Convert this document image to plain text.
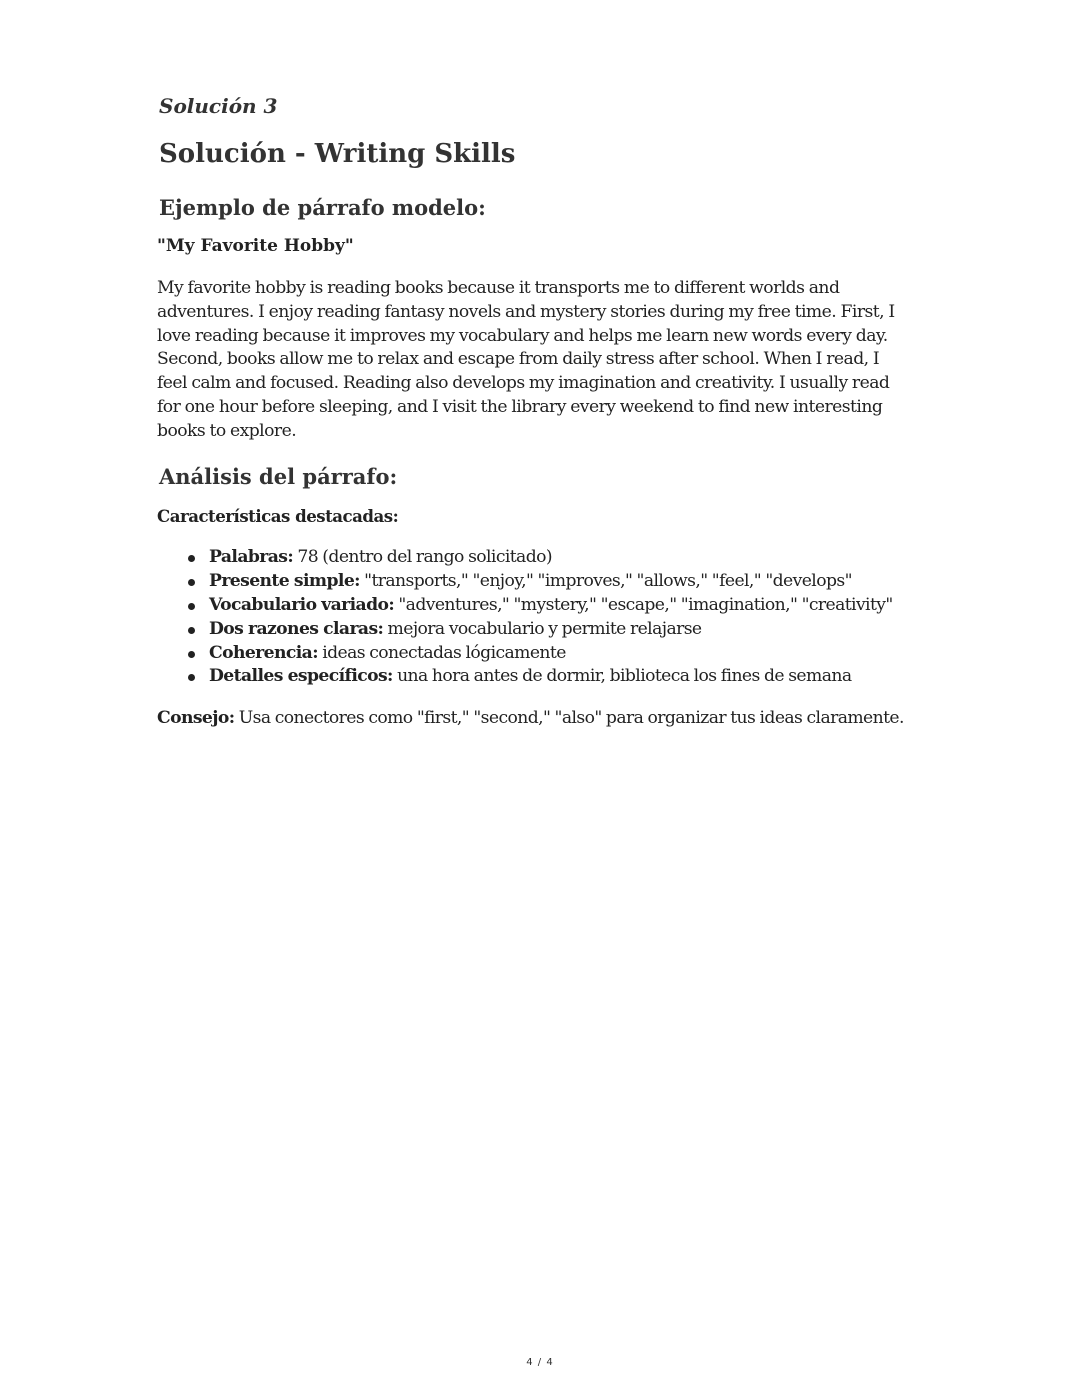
Solución 3
Solución - Writing Skills
Ejemplo de párrafo modelo:
"My Favorite Hobby"

My favorite hobby is reading books because it transports me to different worlds and
adventures. I enjoy reading fantasy novels and mystery stories during my free time. First, I
love reading because it improves my vocabulary and helps me learn new words every day.
Second, books allow me to relax and escape from daily stress after school. When I read, I
feel calm and focused. Reading also develops my imagination and creativity. I usually read
for one hour before sleeping, and I visit the library every weekend to find new interesting
books to explore.

Análisis del párrafo:
Características destacadas:
Palabras: 78 (dentro del rango solicitado)
Presente simple: "transports," "enjoy," "improves," "allows," "feel," "develops"
Vocabulario variado: "adventures," "mystery," "escape," "imagination," "creativity"
Dos razones claras: mejora vocabulario y permite relajarse
Coherencia: ideas conectadas lógicamente
Detalles específicos: una hora antes de dormir, biblioteca los fines de semana
Consejo: Usa conectores como "first," "second," "also" para organizar tus ideas claramente.
4 / 4
